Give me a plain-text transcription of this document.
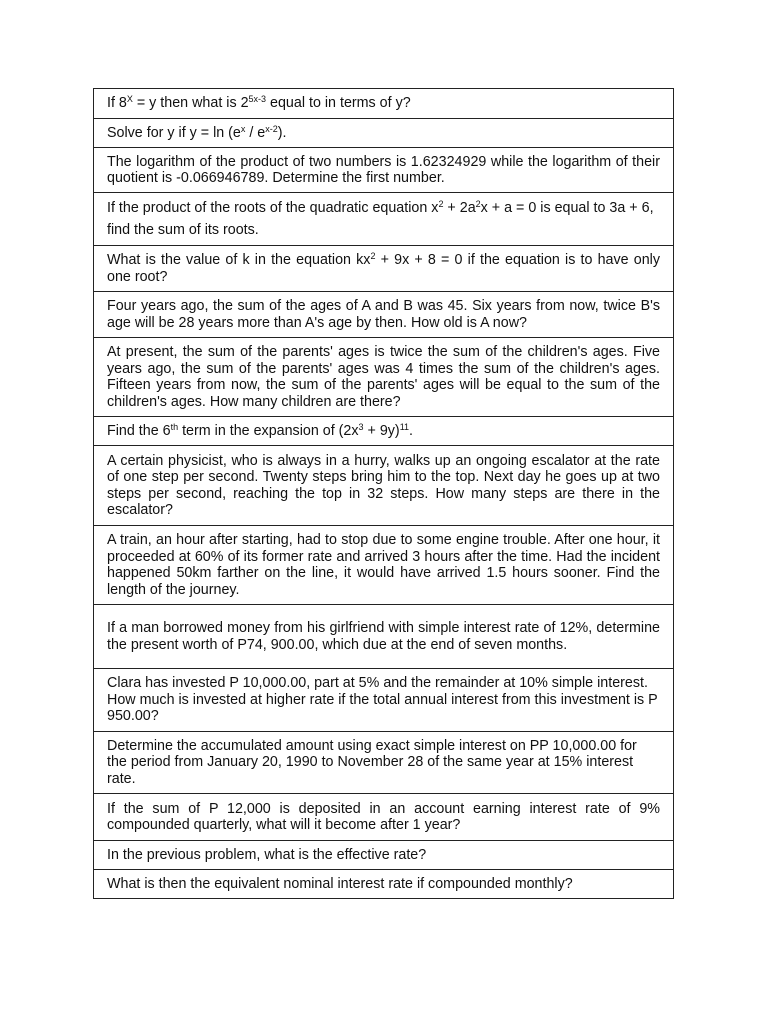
If $8^X = y$ then what is $2^{5x-3}$ equal to in terms of y?
Solve for y if $y = \ln (e^x / e^{x-2})$.
The logarithm of the product of two numbers is 1.62324929 while the logarithm of their quotient is -0.066946789. Determine the first number.
If the product of the roots of the quadratic equation $x^2 + 2a^2x + a = 0$ is equal to 3a + 6, find the sum of its roots.
What is the value of k in the equation $kx^2 + 9x + 8 = 0$ if the equation is to have only one root?
Four years ago, the sum of the ages of A and B was 45. Six years from now, twice B's age will be 28 years more than A's age by then. How old is A now?
At present, the sum of the parents' ages is twice the sum of the children's ages. Five years ago, the sum of the parents' ages was 4 times the sum of the children's ages. Fifteen years from now, the sum of the parents' ages will be equal to the sum of the children's ages. How many children are there?
Find the 6th term in the expansion of $(2x^3 + 9y)^{11}$.
A certain physicist, who is always in a hurry, walks up an ongoing escalator at the rate of one step per second. Twenty steps bring him to the top. Next day he goes up at two steps per second, reaching the top in 32 steps. How many steps are there in the escalator?
A train, an hour after starting, had to stop due to some engine trouble. After one hour, it proceeded at 60% of its former rate and arrived 3 hours after the time. Had the incident happened 50km farther on the line, it would have arrived 1.5 hours sooner. Find the length of the journey.
If a man borrowed money from his girlfriend with simple interest rate of 12%, determine the present worth of P74, 900.00, which due at the end of seven months.
Clara has invested P 10,000.00, part at 5% and the remainder at 10% simple interest. How much is invested at higher rate if the total annual interest from this investment is P 950.00?
Determine the accumulated amount using exact simple interest on PP 10,000.00 for the period from January 20, 1990 to November 28 of the same year at 15% interest rate.
If the sum of P 12,000 is deposited in an account earning interest rate of 9% compounded quarterly, what will it become after 1 year?
In the previous problem, what is the effective rate?
What is then the equivalent nominal interest rate if compounded monthly?
